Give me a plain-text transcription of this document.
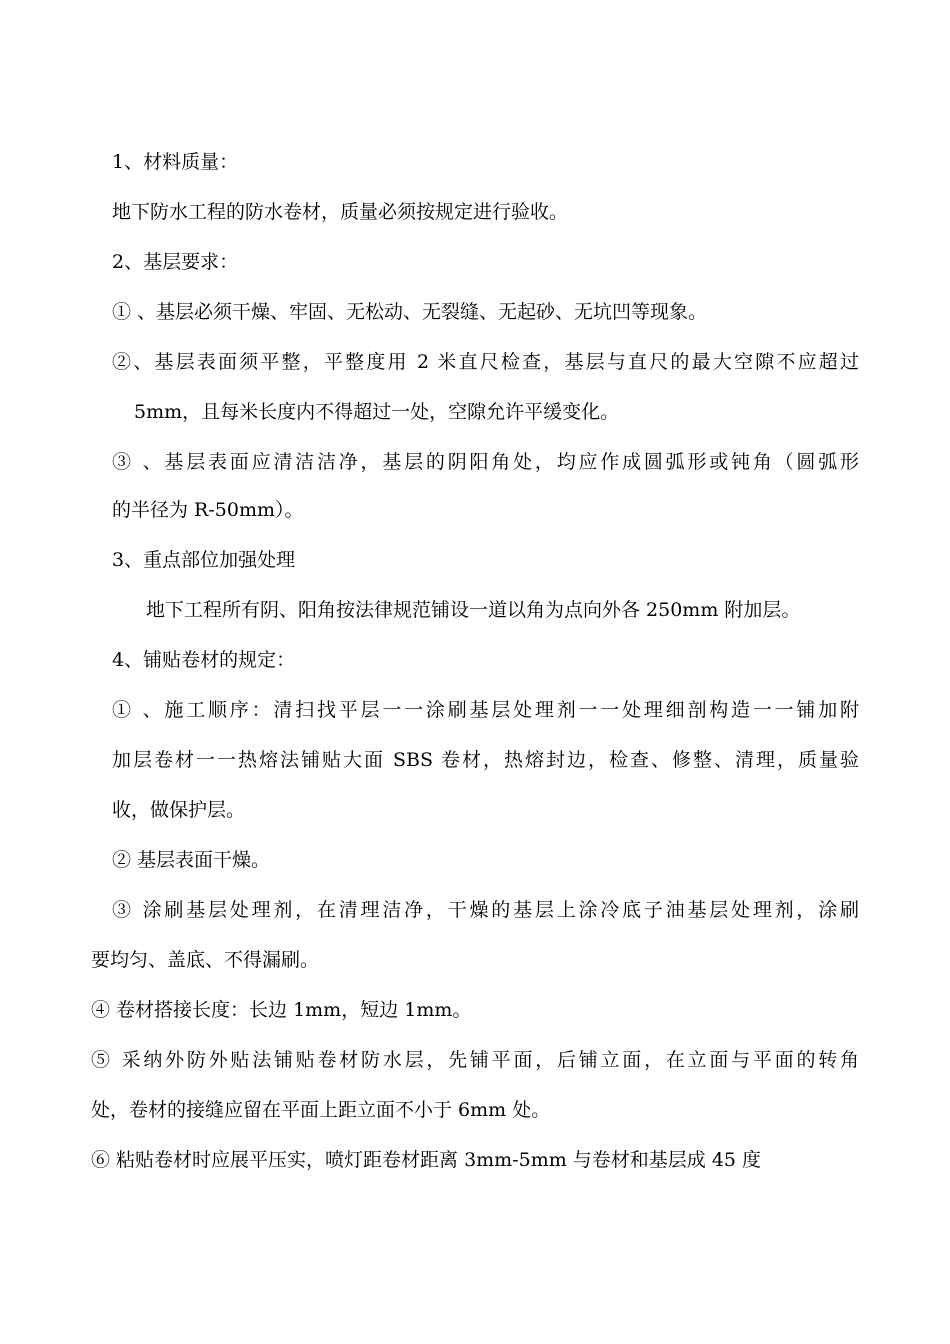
1、材料质量：

地下防水工程的防水卷材，质量必须按规定进行验收。

2、基层要求：

① 、基层必须干燥、牢固、无松动、无裂缝、无起砂、无坑凹等现象。

②、基层表面须平整，平整度用 2 米直尺检查，基层与直尺的最大空隙不应超过

5mm，且每米长度内不得超过一处，空隙允许平缓变化。

③ 、基层表面应清洁洁净，基层的阴阳角处，均应作成圆弧形或钝角（圆弧形

的半径为 R-50mm）。

3、重点部位加强处理

地下工程所有阴、阳角按法律规范铺设一道以角为点向外各 250mm 附加层。

4、铺贴卷材的规定：

① 、施工顺序：清扫找平层一一涂刷基层处理剂一一处理细剖构造一一铺加附

加层卷材一一热熔法铺贴大面 SBS 卷材，热熔封边，检查、修整、清理，质量验

收，做保护层。

② 基层表面干燥。

③ 涂刷基层处理剂，在清理洁净，干燥的基层上涂冷底子油基层处理剂，涂刷

要均匀、盖底、不得漏刷。

④ 卷材搭接长度：长边 1mm，短边 1mm。

⑤ 采纳外防外贴法铺贴卷材防水层，先铺平面，后铺立面，在立面与平面的转角

处，卷材的接缝应留在平面上距立面不小于 6mm 处。

⑥ 粘贴卷材时应展平压实，喷灯距卷材距离 3mm-5mm 与卷材和基层成 45 度
